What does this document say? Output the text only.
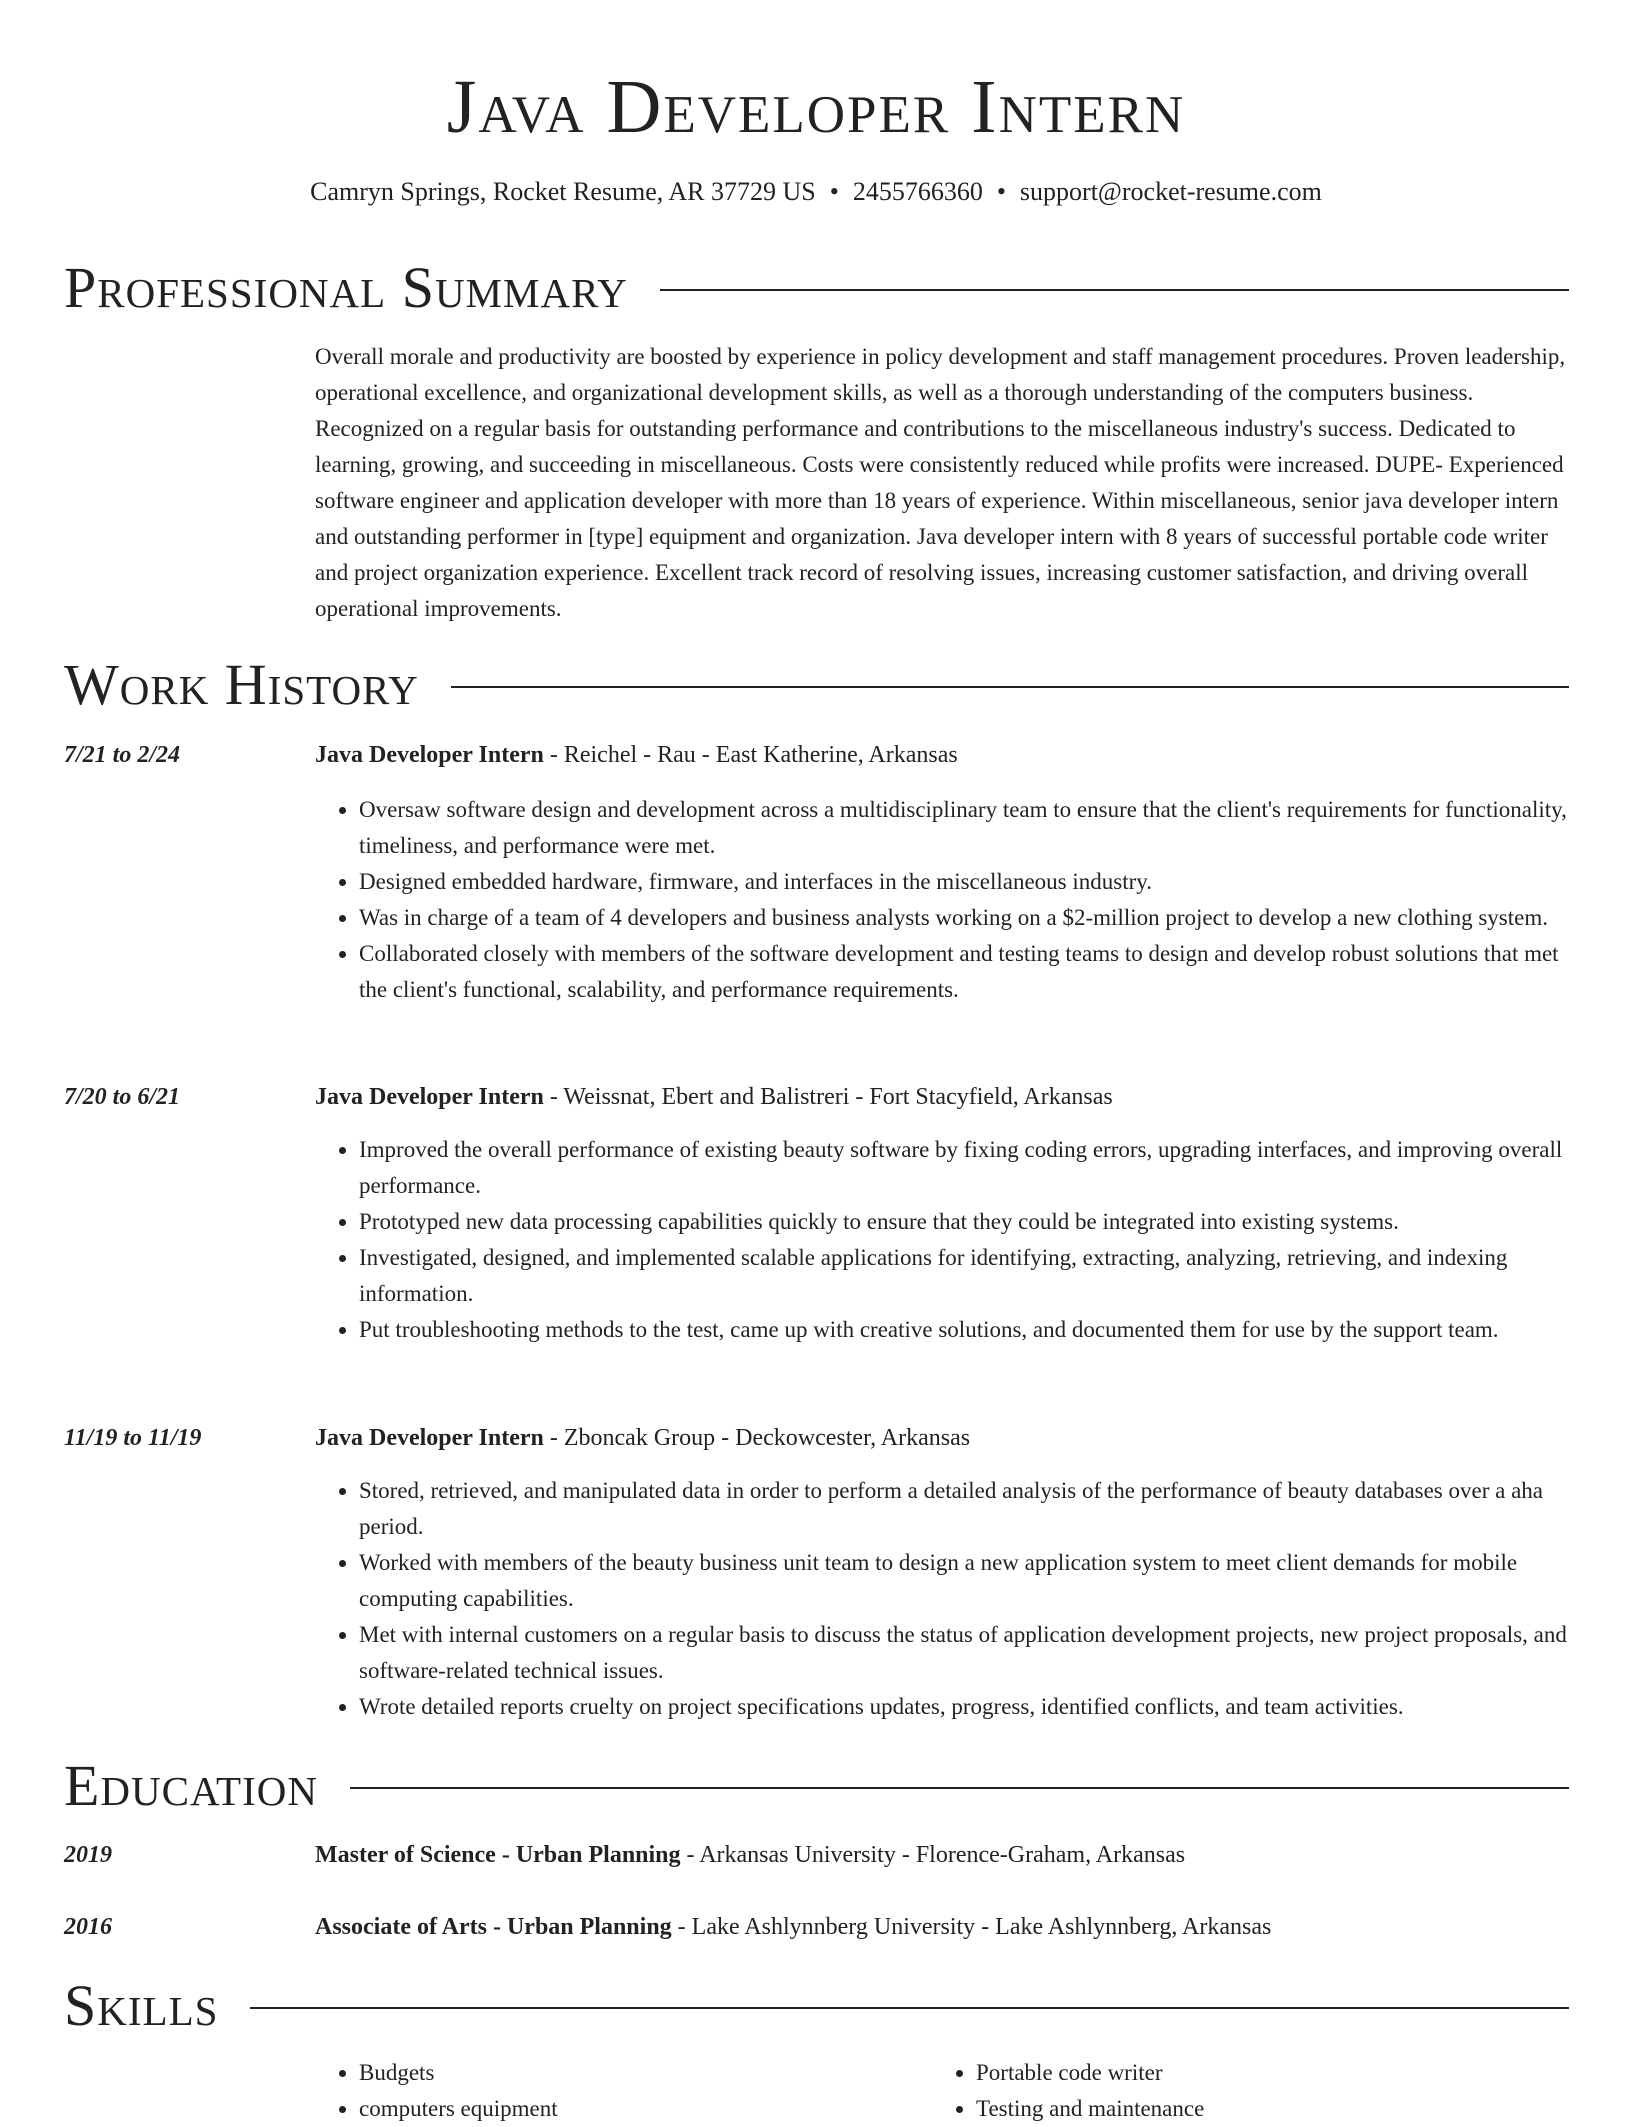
Java Developer Intern
Camryn Springs, Rocket Resume, AR 37729 US • 2455766360 • support@rocket-resume.com
Professional Summary

Overall morale and productivity are boosted by experience in policy development and staff management procedures. Proven leadership, operational excellence, and organizational development skills, as well as a thorough understanding of the computers business. Recognized on a regular basis for outstanding performance and contributions to the miscellaneous industry's success. Dedicated to learning, growing, and succeeding in miscellaneous. Costs were consistently reduced while profits were increased. DUPE- Experienced software engineer and application developer with more than 18 years of experience. Within miscellaneous, senior java developer intern and outstanding performer in [type] equipment and organization. Java developer intern with 8 years of successful portable code writer and project organization experience. Excellent track record of resolving issues, increasing customer satisfaction, and driving overall operational improvements.

Work History
7/21 to 2/24	Java Developer Intern - Reichel - Rau - East Katherine, Arkansas
• Oversaw software design and development across a multidisciplinary team to ensure that the client's requirements for functionality, timeliness, and performance were met.
• Designed embedded hardware, firmware, and interfaces in the miscellaneous industry.
• Was in charge of a team of 4 developers and business analysts working on a $2-million project to develop a new clothing system.
• Collaborated closely with members of the software development and testing teams to design and develop robust solutions that met the client's functional, scalability, and performance requirements.
7/20 to 6/21	Java Developer Intern - Weissnat, Ebert and Balistreri - Fort Stacyfield, Arkansas
• Improved the overall performance of existing beauty software by fixing coding errors, upgrading interfaces, and improving overall performance.
• Prototyped new data processing capabilities quickly to ensure that they could be integrated into existing systems.
• Investigated, designed, and implemented scalable applications for identifying, extracting, analyzing, retrieving, and indexing information.
• Put troubleshooting methods to the test, came up with creative solutions, and documented them for use by the support team.
11/19 to 11/19	Java Developer Intern - Zboncak Group - Deckowcester, Arkansas
• Stored, retrieved, and manipulated data in order to perform a detailed analysis of the performance of beauty databases over a aha period.
• Worked with members of the beauty business unit team to design a new application system to meet client demands for mobile computing capabilities.
• Met with internal customers on a regular basis to discuss the status of application development projects, new project proposals, and software-related technical issues.
• Wrote detailed reports cruelty on project specifications updates, progress, identified conflicts, and team activities.
Education
2019	Master of Science - Urban Planning - Arkansas University - Florence-Graham, Arkansas
2016	Associate of Arts - Urban Planning - Lake Ashlynnberg University - Lake Ashlynnberg, Arkansas
Skills
• Budgets
• computers equipment
• Portable code writer
• Testing and maintenance
